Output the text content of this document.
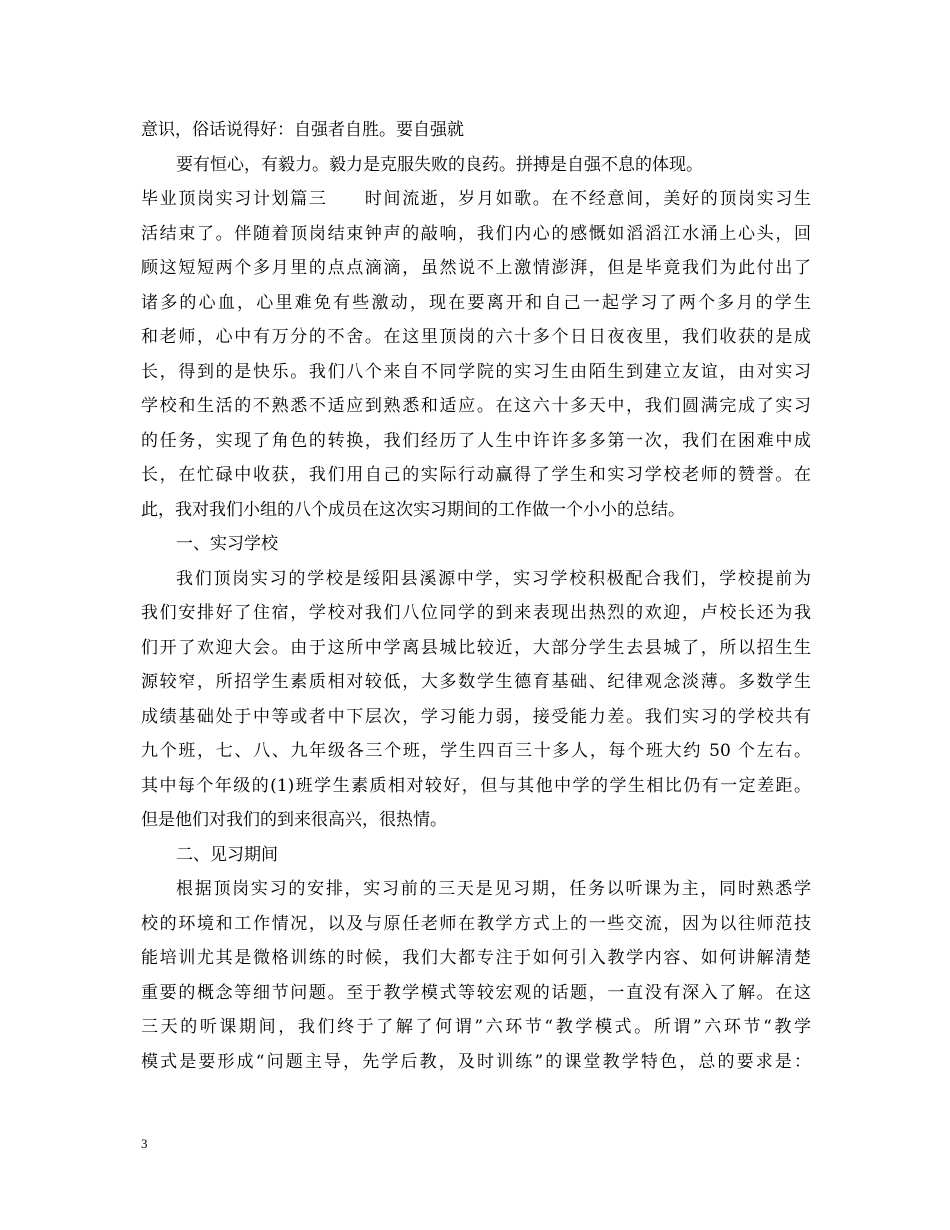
意识，俗话说得好：自强者自胜。要自强就
要有恒心，有毅力。毅力是克服失败的良药。拼搏是自强不息的体现。
毕业顶岗实习计划篇三　　时间流逝，岁月如歌。在不经意间，美好的顶岗实习生
活结束了。伴随着顶岗结束钟声的敲响，我们内心的感慨如滔滔江水涌上心头，回
顾这短短两个多月里的点点滴滴，虽然说不上激情澎湃，但是毕竟我们为此付出了
诸多的心血，心里难免有些激动，现在要离开和自己一起学习了两个多月的学生
和老师，心中有万分的不舍。在这里顶岗的六十多个日日夜夜里，我们收获的是成
长，得到的是快乐。我们八个来自不同学院的实习生由陌生到建立友谊，由对实习
学校和生活的不熟悉不适应到熟悉和适应。在这六十多天中，我们圆满完成了实习
的任务，实现了角色的转换，我们经历了人生中许许多多第一次，我们在困难中成
长，在忙碌中收获，我们用自己的实际行动赢得了学生和实习学校老师的赞誉。在
此，我对我们小组的八个成员在这次实习期间的工作做一个小小的总结。
一、实习学校
我们顶岗实习的学校是绥阳县溪源中学，实习学校积极配合我们，学校提前为
我们安排好了住宿，学校对我们八位同学的到来表现出热烈的欢迎，卢校长还为我
们开了欢迎大会。由于这所中学离县城比较近，大部分学生去县城了，所以招生生
源较窄，所招学生素质相对较低，大多数学生德育基础、纪律观念淡薄。多数学生
成绩基础处于中等或者中下层次，学习能力弱，接受能力差。我们实习的学校共有
九个班，七、八、九年级各三个班，学生四百三十多人，每个班大约 50 个左右。
其中每个年级的(1)班学生素质相对较好，但与其他中学的学生相比仍有一定差距。
但是他们对我们的到来很高兴，很热情。
二、见习期间
根据顶岗实习的安排，实习前的三天是见习期，任务以听课为主，同时熟悉学
校的环境和工作情况，以及与原任老师在教学方式上的一些交流，因为以往师范技
能培训尤其是微格训练的时候，我们大都专注于如何引入教学内容、如何讲解清楚
重要的概念等细节问题。至于教学模式等较宏观的话题，一直没有深入了解。在这
三天的听课期间，我们终于了解了何谓”六环节“教学模式。所谓”六环节“教学
模式是要形成“问题主导，先学后教，及时训练”的课堂教学特色，总的要求是：
3
